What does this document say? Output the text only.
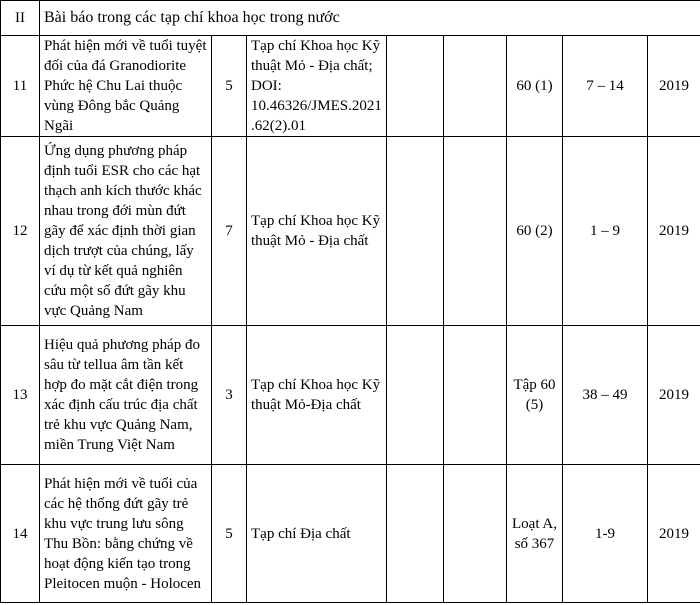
II	Bài báo trong các tạp chí khoa học trong nước							
11	Phát hiện mới về tuổi tuyệt đối của đá Granodiorite Phức hệ Chu Lai thuộc vùng Đông bắc Quảng Ngãi	5	Tạp chí Khoa học Kỹ thuật Mỏ - Địa chất; DOI: 10.46326/JMES.2021.62(2).01			60 (1)	7 – 14	2019
12	Ứng dụng phương pháp định tuổi ESR cho các hạt thạch anh kích thước khác nhau trong đới mùn đứt gãy để xác định thời gian dịch trượt của chúng, lấy ví dụ từ kết quả nghiên cứu một số đứt gãy khu vực Quảng Nam	7	Tạp chí Khoa học Kỹ thuật Mỏ - Địa chất			60 (2)	1 – 9	2019
13	Hiệu quả phương pháp đo sâu từ tellua âm tần kết hợp đo mặt cắt điện trong xác định cấu trúc địa chất trẻ khu vực Quảng Nam, miền Trung Việt Nam	3	Tạp chí Khoa học Kỹ thuật Mỏ-Địa chất			Tập 60 (5)	38 – 49	2019
14	Phát hiện mới về tuổi của các hệ thống đứt gãy trẻ khu vực trung lưu sông Thu Bồn: bằng chứng về hoạt động kiến tạo trong Pleitocen muộn - Holocen	5	Tạp chí Địa chất			Loạt A, số 367	1-9	2019
